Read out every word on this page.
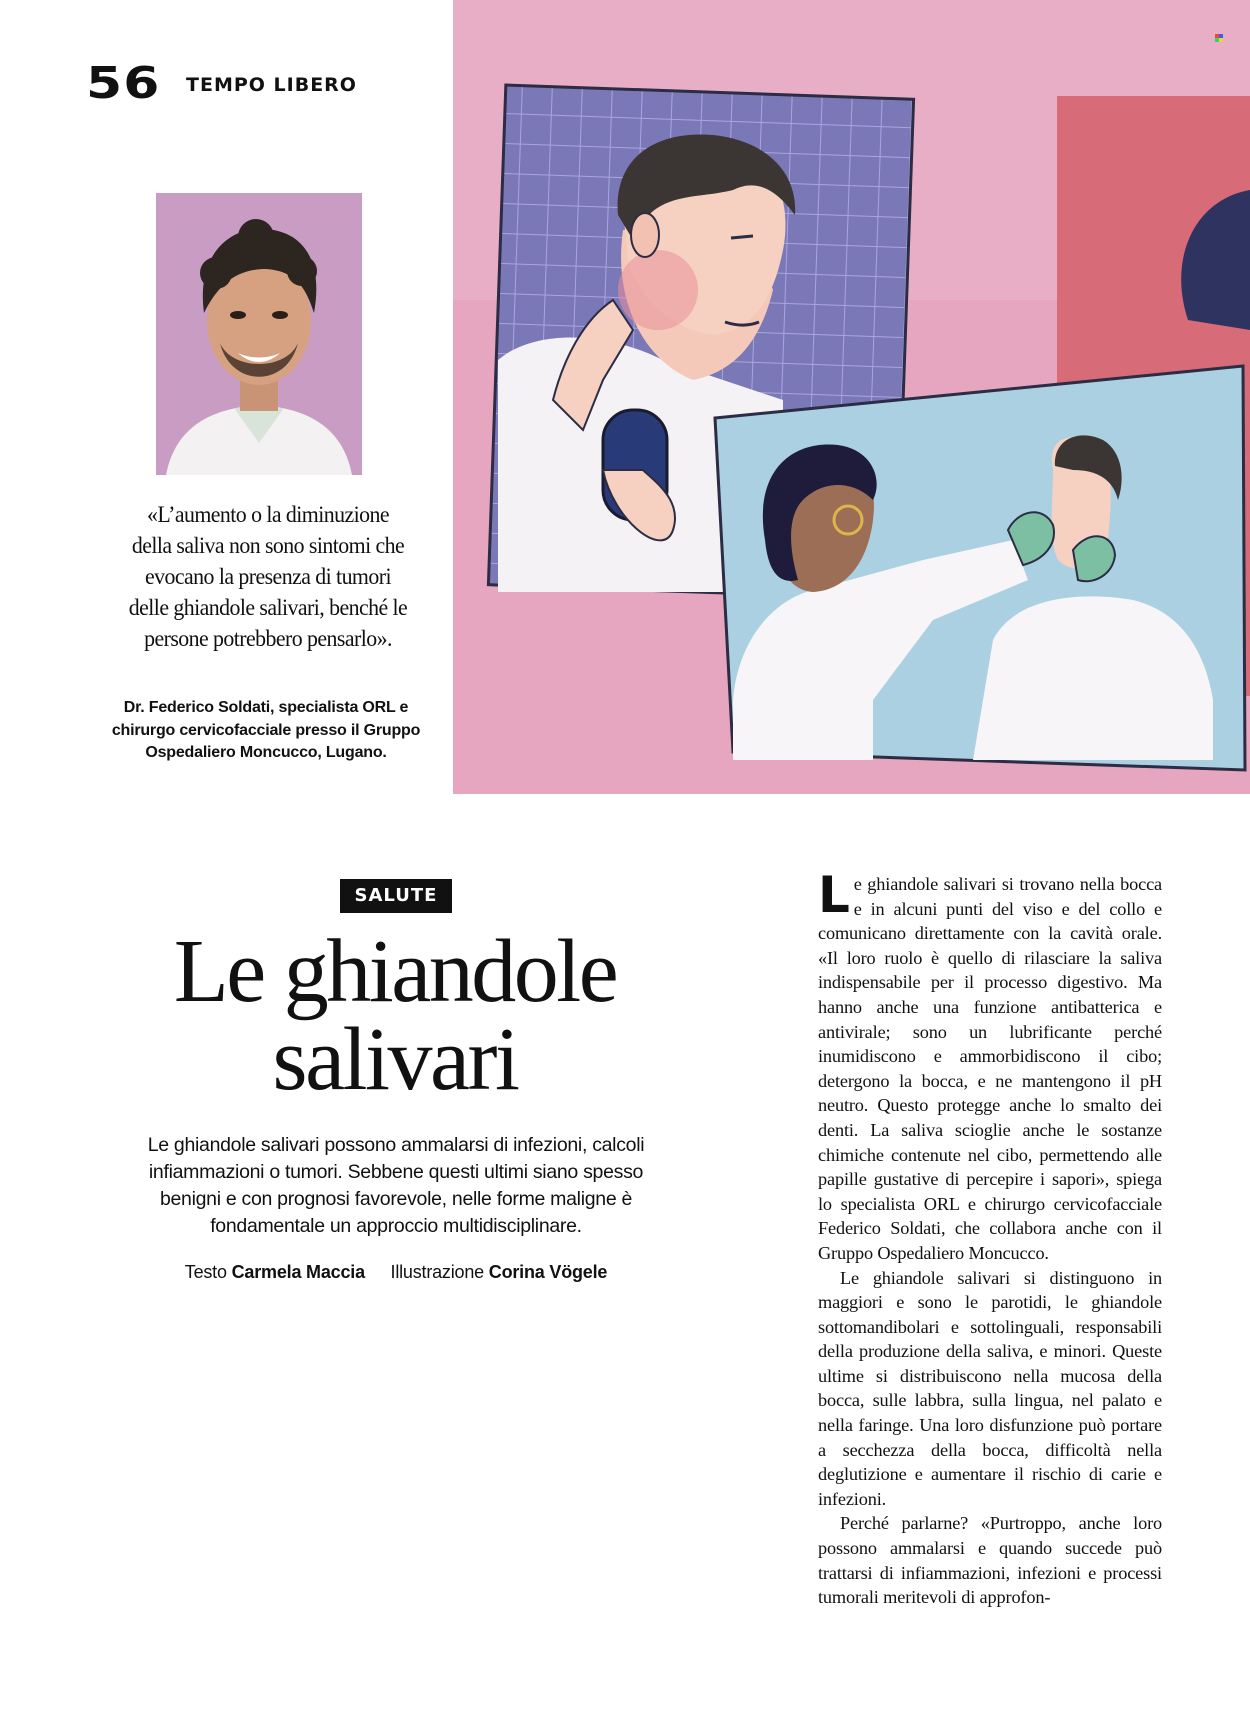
56 TEMPO LIBERO
«L’aumento o la diminuzione della saliva non sono sintomi che evocano la presenza di tumori delle ghiandole salivari, benché le persone potrebbero pensarlo».
Dr. Federico Soldati, specialista ORL e chirurgo cervicofacciale presso il Gruppo Ospedaliero Moncucco, Lugano.
SALUTE
Le ghiandole
salivari
Le ghiandole salivari possono ammalarsi di infezioni, calcoli infiammazioni o tumori. Sebbene questi ultimi siano spesso benigni e con prognosi favorevole, nelle forme maligne è fondamentale un approccio multidisciplinare.
Testo Carmela Maccia Illustrazione Corina Vögele

Le ghiandole salivari si trovano nella bocca e in alcuni punti del viso e del collo e comunicano direttamente con la cavità orale. «Il loro ruolo è quello di rilasciare la saliva indispensabile per il processo digestivo. Ma hanno anche una funzione antibatterica e antivirale; sono un lubrificante perché inumidiscono e ammorbidiscono il cibo; detergono la bocca, e ne mantengono il pH neutro. Questo protegge anche lo smalto dei denti. La saliva scioglie anche le sostanze chimiche contenute nel cibo, permettendo alle papille gustative di percepire i sapori», spiega lo specialista ORL e chirurgo cervicofacciale Federico Soldati, che collabora anche con il Gruppo Ospedaliero Moncucco.

Le ghiandole salivari si distinguono in maggiori e sono le parotidi, le ghiandole sottomandibolari e sottolinguali, responsabili della produzione della saliva, e minori. Queste ultime si distribuiscono nella mucosa della bocca, sulle labbra, sulla lingua, nel palato e nella faringe. Una loro disfunzione può portare a secchezza della bocca, difficoltà nella deglutizione e aumentare il rischio di carie e infezioni.

Perché parlarne? «Purtroppo, anche loro possono ammalarsi e quando succede può trattarsi di infiammazioni, infezioni e processi tumorali meritevoli di approfon-
